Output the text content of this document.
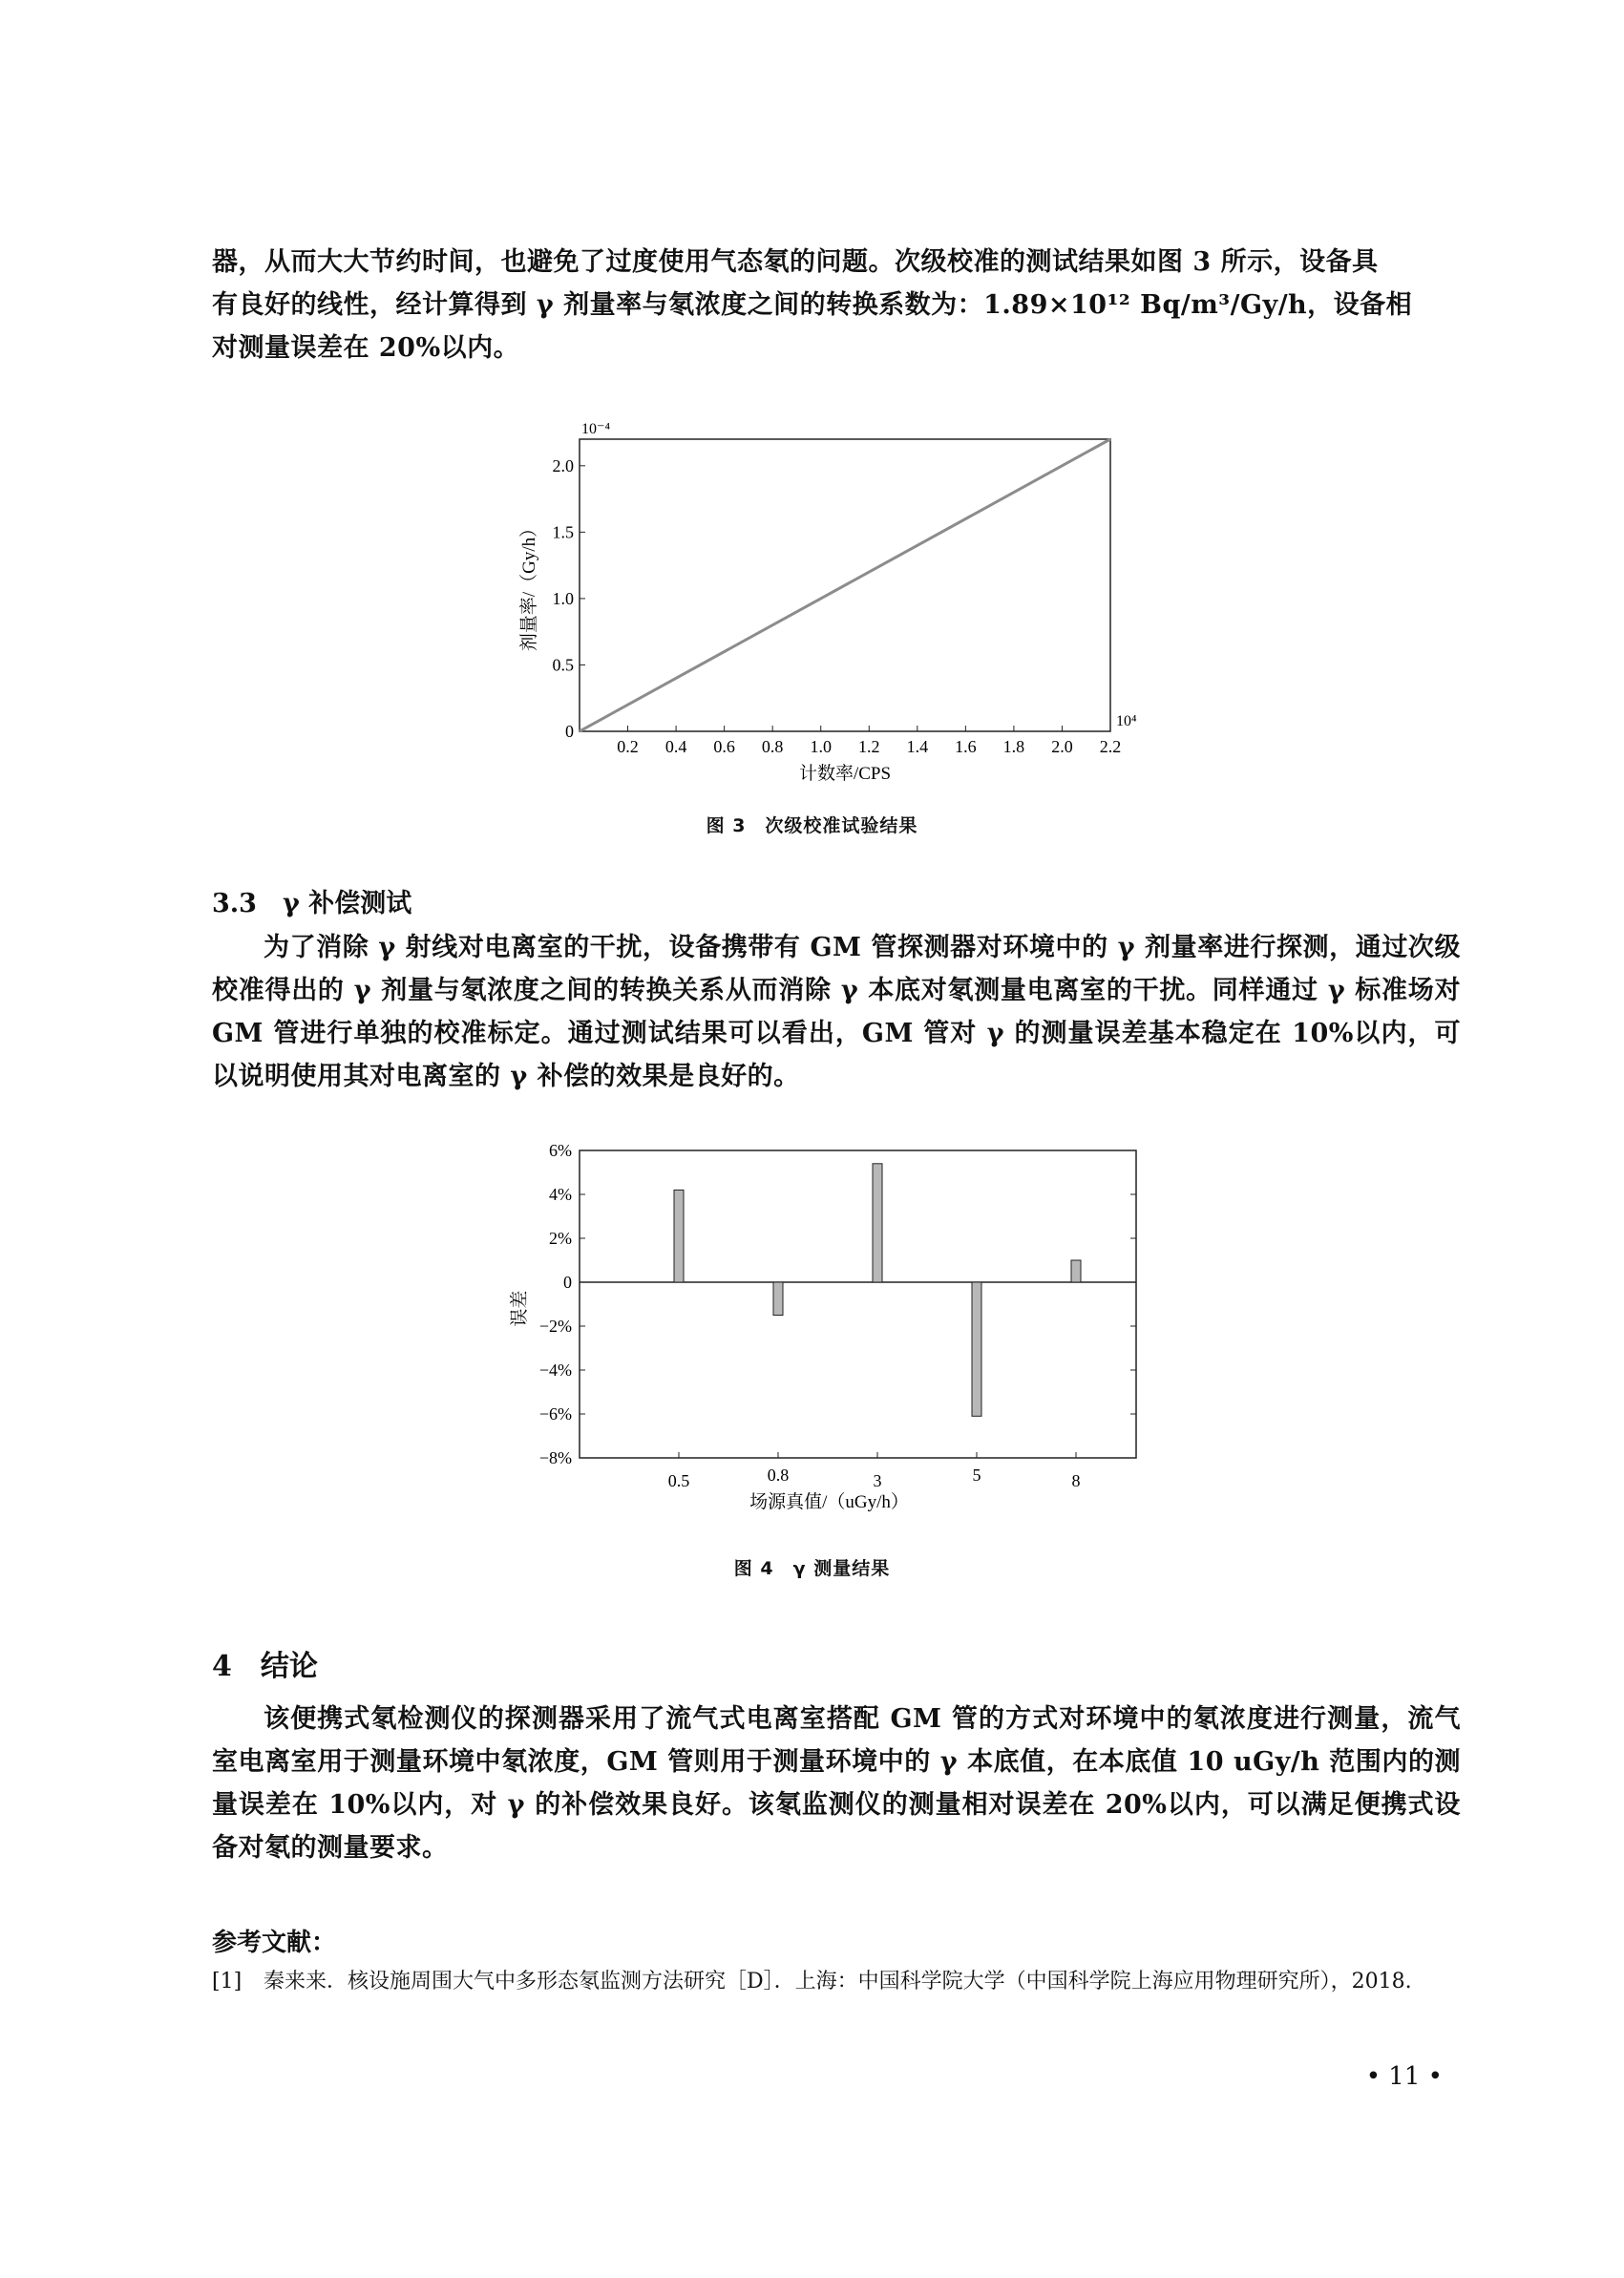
器，从而大大节约时间，也避免了过度使用气态氡的问题。次级校准的测试结果如图 3 所示，设备具
有良好的线性，经计算得到 γ 剂量率与氡浓度之间的转换系数为：1.89×10¹² Bq/m³/Gy/h，设备相
对测量误差在 20%以内。
0
0.5
1.0
1.5
2.0
0.2 0.4 0.6 0.8 1.0 1.2 1.4 1.6 1.8 2.0 2.2
10⁻⁴
10⁴
计数率/CPS
剂量率/（Gy/h）
图 3　次级校准试验结果
3.3　γ 补偿测试
为了消除 γ 射线对电离室的干扰，设备携带有 GM 管探测器对环境中的 γ 剂量率进行探测，通过次级校准得出的 γ 剂量与氡浓度之间的转换关系从而消除 γ 本底对氡测量电离室的干扰。同样通过 γ 标准场对 GM 管进行单独的校准标定。通过测试结果可以看出，GM 管对 γ 的测量误差基本稳定在 10%以内，可以说明使用其对电离室的 γ 补偿的效果是良好的。
6%
4%
2%
0
−2%
−4%
−6%
−8%
0.5	0.8	3	5	8
场源真值/（uGy/h）
误差
图 4　γ 测量结果
4　结论
该便携式氡检测仪的探测器采用了流气式电离室搭配 GM 管的方式对环境中的氡浓度进行测量，流气室电离室用于测量环境中氡浓度，GM 管则用于测量环境中的 γ 本底值，在本底值 10 uGy/h 范围内的测量误差在 10%以内，对 γ 的补偿效果良好。该氡监测仪的测量相对误差在 20%以内，可以满足便携式设备对氡的测量要求。
参考文献：
[1]	秦来来．核设施周围大气中多形态氡监测方法研究［D］．上海：中国科学院大学（中国科学院上海应用物理研究所），2018.
• 11 •
